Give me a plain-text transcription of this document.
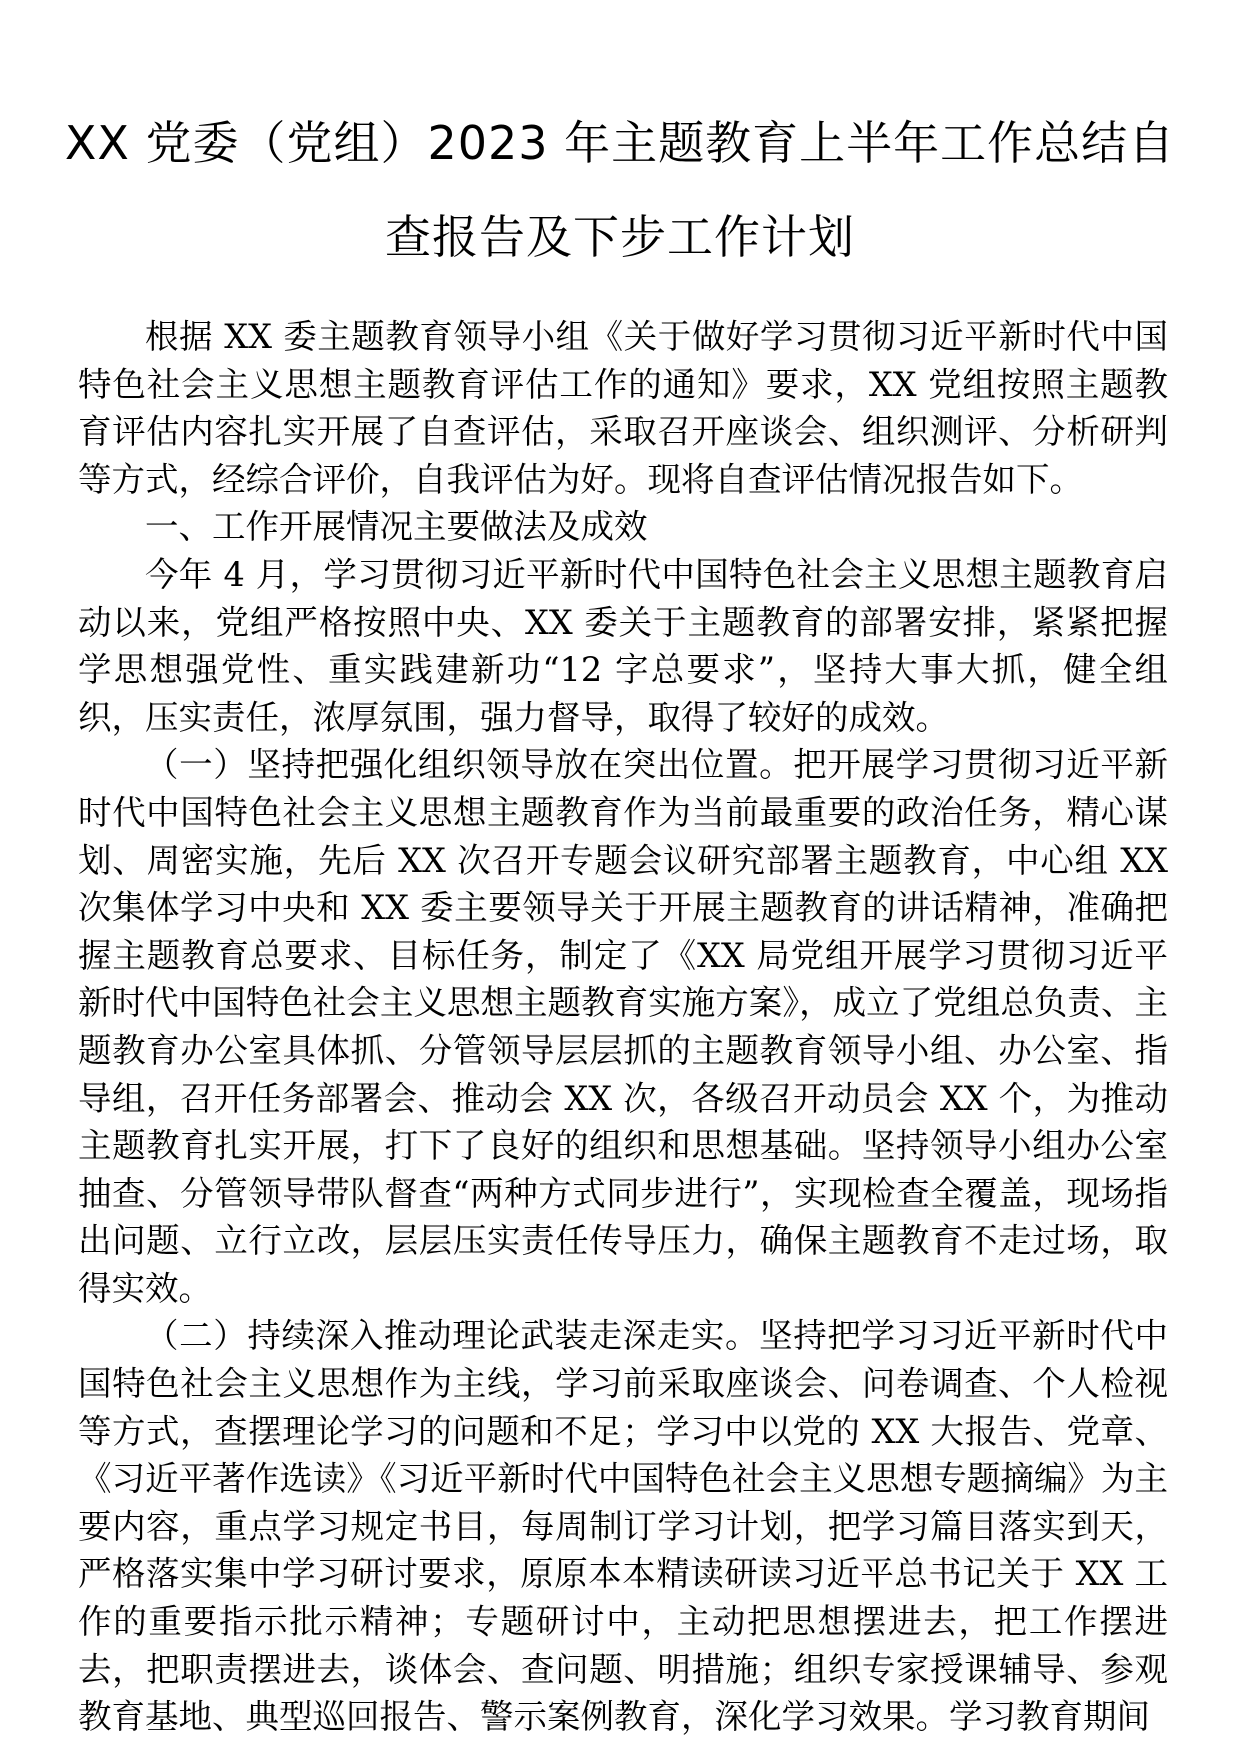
XX 党委（党组）2023 年主题教育上半年工作总结自
查报告及下步工作计划

根据 XX 委主题教育领导小组《关于做好学习贯彻习近平新时代中国特色社会主义思想主题教育评估工作的通知》要求，XX 党组按照主题教育评估内容扎实开展了自查评估，采取召开座谈会、组织测评、分析研判等方式，经综合评价，自我评估为好。现将自查评估情况报告如下。

一、工作开展情况主要做法及成效

今年 4 月，学习贯彻习近平新时代中国特色社会主义思想主题教育启动以来，党组严格按照中央、XX 委关于主题教育的部署安排，紧紧把握学思想强党性、重实践建新功“12 字总要求”，坚持大事大抓，健全组织，压实责任，浓厚氛围，强力督导，取得了较好的成效。

（一）坚持把强化组织领导放在突出位置。把开展学习贯彻习近平新时代中国特色社会主义思想主题教育作为当前最重要的政治任务，精心谋划、周密实施，先后 XX 次召开专题会议研究部署主题教育，中心组 XX 次集体学习中央和 XX 委主要领导关于开展主题教育的讲话精神，准确把握主题教育总要求、目标任务，制定了《XX 局党组开展学习贯彻习近平新时代中国特色社会主义思想主题教育实施方案》，成立了党组总负责、主题教育办公室具体抓、分管领导层层抓的主题教育领导小组、办公室、指导组，召开任务部署会、推动会 XX 次，各级召开动员会 XX 个，为推动主题教育扎实开展，打下了良好的组织和思想基础。坚持领导小组办公室抽查、分管领导带队督查“两种方式同步进行”，实现检查全覆盖，现场指出问题、立行立改，层层压实责任传导压力，确保主题教育不走过场，取得实效。

（二）持续深入推动理论武装走深走实。坚持把学习习近平新时代中国特色社会主义思想作为主线，学习前采取座谈会、问卷调查、个人检视等方式，查摆理论学习的问题和不足；学习中以党的 XX 大报告、党章、《习近平著作选读》《习近平新时代中国特色社会主义思想专题摘编》为主要内容，重点学习规定书目，每周制订学习计划，把学习篇目落实到天，严格落实集中学习研讨要求，原原本本精读研读习近平总书记关于 XX 工作的重要指示批示精神；专题研讨中，主动把思想摆进去，把工作摆进去，把职责摆进去，谈体会、查问题、明措施；组织专家授课辅导、参观教育基地、典型巡回报告、警示案例教育，深化学习效果。学习教育期间
